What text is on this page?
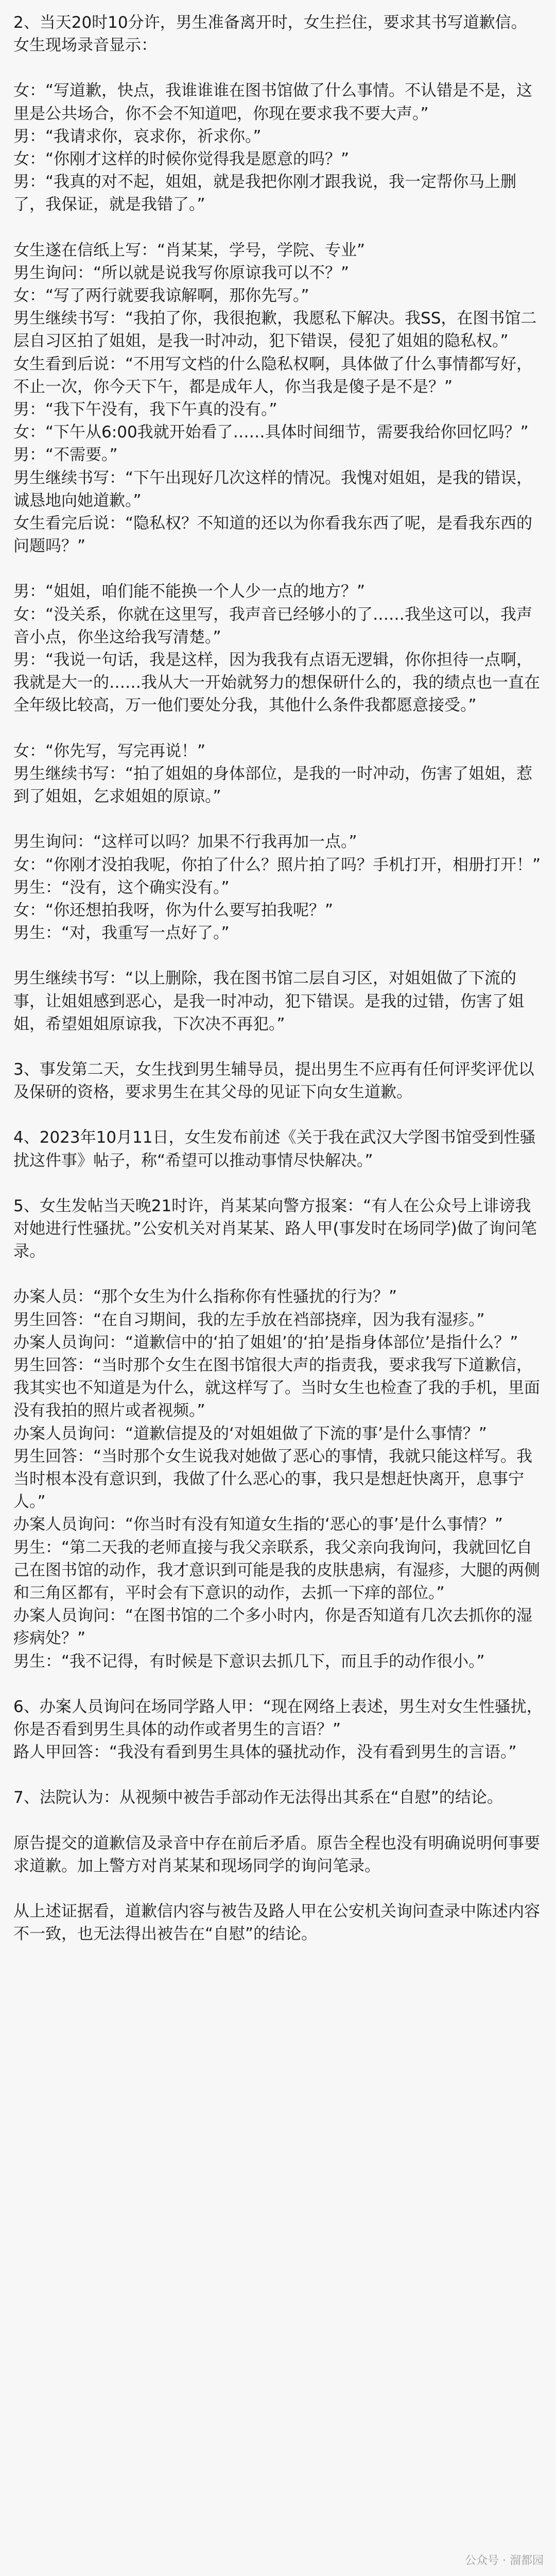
2、当天20时10分许，男生准备离开时，女生拦住，要求其书写道歉信。女生现场录音显示：

女：“写道歉，快点，我谁谁谁在图书馆做了什么事情。不认错是不是，这里是公共场合，你不会不知道吧，你现在要求我不要大声。”

男：“我请求你，哀求你，祈求你。”

女：“你刚才这样的时候你觉得我是愿意的吗？”

男：“我真的对不起，姐姐，就是我把你刚才跟我说，我一定帮你马上删了，我保证，就是我错了。”

女生遂在信纸上写：“肖某某，学号，学院、专业”

男生询问：“所以就是说我写你原谅我可以不？”

女：“写了两行就要我谅解啊，那你先写。”

男生继续书写：“我拍了你，我很抱歉，我愿私下解决。我SS，在图书馆二层自习区拍了姐姐，是我一时冲动，犯下错误，侵犯了姐姐的隐私权。”

女生看到后说：“不用写文档的什么隐私权啊，具体做了什么事情都写好，不止一次，你今天下午，都是成年人，你当我是傻子是不是？”

男：“我下午没有，我下午真的没有。”

女：“下午从6:00我就开始看了……具体时间细节，需要我给你回忆吗？”

男：“不需要。”

男生继续书写：“下午出现好几次这样的情况。我愧对姐姐，是我的错误，诚恳地向她道歉。”

女生看完后说：“隐私权？不知道的还以为你看我东西了呢，是看我东西的问题吗？”

男：“姐姐，咱们能不能换一个人少一点的地方？”

女：“没关系，你就在这里写，我声音已经够小的了……我坐这可以，我声音小点，你坐这给我写清楚。”

男：“我说一句话，我是这样，因为我我有点语无逻辑，你你担待一点啊，我就是大一的……我从大一开始就努力的想保研什么的，我的绩点也一直在全年级比较高，万一他们要处分我，其他什么条件我都愿意接受。”

女：“你先写，写完再说！”

男生继续书写：“拍了姐姐的身体部位，是我的一时冲动，伤害了姐姐，惹到了姐姐，乞求姐姐的原谅。”

男生询问：“这样可以吗？加果不行我再加一点。”

女：“你刚才没拍我呢，你拍了什么？照片拍了吗？手机打开，相册打开！”

男生：“没有，这个确实没有。”

女：“你还想拍我呀，你为什么要写拍我呢？”

男生：“对，我重写一点好了。”

男生继续书写：“以上删除，我在图书馆二层自习区，对姐姐做了下流的事，让姐姐感到恶心，是我一时冲动，犯下错误。是我的过错，伤害了姐姐，希望姐姐原谅我，下次决不再犯。”

3、事发第二天，女生找到男生辅导员，提出男生不应再有任何评奖评优以及保研的资格，要求男生在其父母的见证下向女生道歉。

4、2023年10月11日，女生发布前述《关于我在武汉大学图书馆受到性骚扰这件事》帖子，称“希望可以推动事情尽快解决。”

5、女生发帖当天晚21时许，肖某某向警方报案：“有人在公众号上诽谤我对她进行性骚扰。”公安机关对肖某某、路人甲(事发时在场同学)做了询问笔录。

办案人员：“那个女生为什么指称你有性骚扰的行为？”

男生回答：“在自习期间，我的左手放在裆部挠痒，因为我有湿疹。”

办案人员询问：“道歉信中的‘拍了姐姐’的‘拍’是指身体部位’是指什么？”

男生回答：“当时那个女生在图书馆很大声的指责我，要求我写下道歉信，我其实也不知道是为什么，就这样写了。当时女生也检查了我的手机，里面没有我拍的照片或者视频。”

办案人员询问：“道歉信提及的‘对姐姐做了下流的事’是什么事情？”

男生回答：“当时那个女生说我对她做了恶心的事情，我就只能这样写。我当时根本没有意识到，我做了什么恶心的事，我只是想赶快离开，息事宁人。”

办案人员询问：“你当时有没有知道女生指的‘恶心的事’是什么事情？”

男生：“第二天我的老师直接与我父亲联系，我父亲向我询问，我就回忆自己在图书馆的动作，我才意识到可能是我的皮肤患病，有湿疹，大腿的两侧和三角区都有，平时会有下意识的动作，去抓一下痒的部位。”

办案人员询问：“在图书馆的二个多小时内，你是否知道有几次去抓你的湿疹病处？”

男生：“我不记得，有时候是下意识去抓几下，而且手的动作很小。”

6、办案人员询问在场同学路人甲：“现在网络上表述，男生对女生性骚扰，你是否看到男生具体的动作或者男生的言语？”

路人甲回答：“我没有看到男生具体的骚扰动作，没有看到男生的言语。”

7、法院认为：从视频中被告手部动作无法得出其系在“自慰”的结论。

原告提交的道歉信及录音中存在前后矛盾。原告全程也没有明确说明何事要求道歉。加上警方对肖某某和现场同学的询问笔录。

从上述证据看，道歉信内容与被告及路人甲在公安机关询问查录中陈述内容不一致，也无法得出被告在“自慰”的结论。

公众号 · 溜都园
